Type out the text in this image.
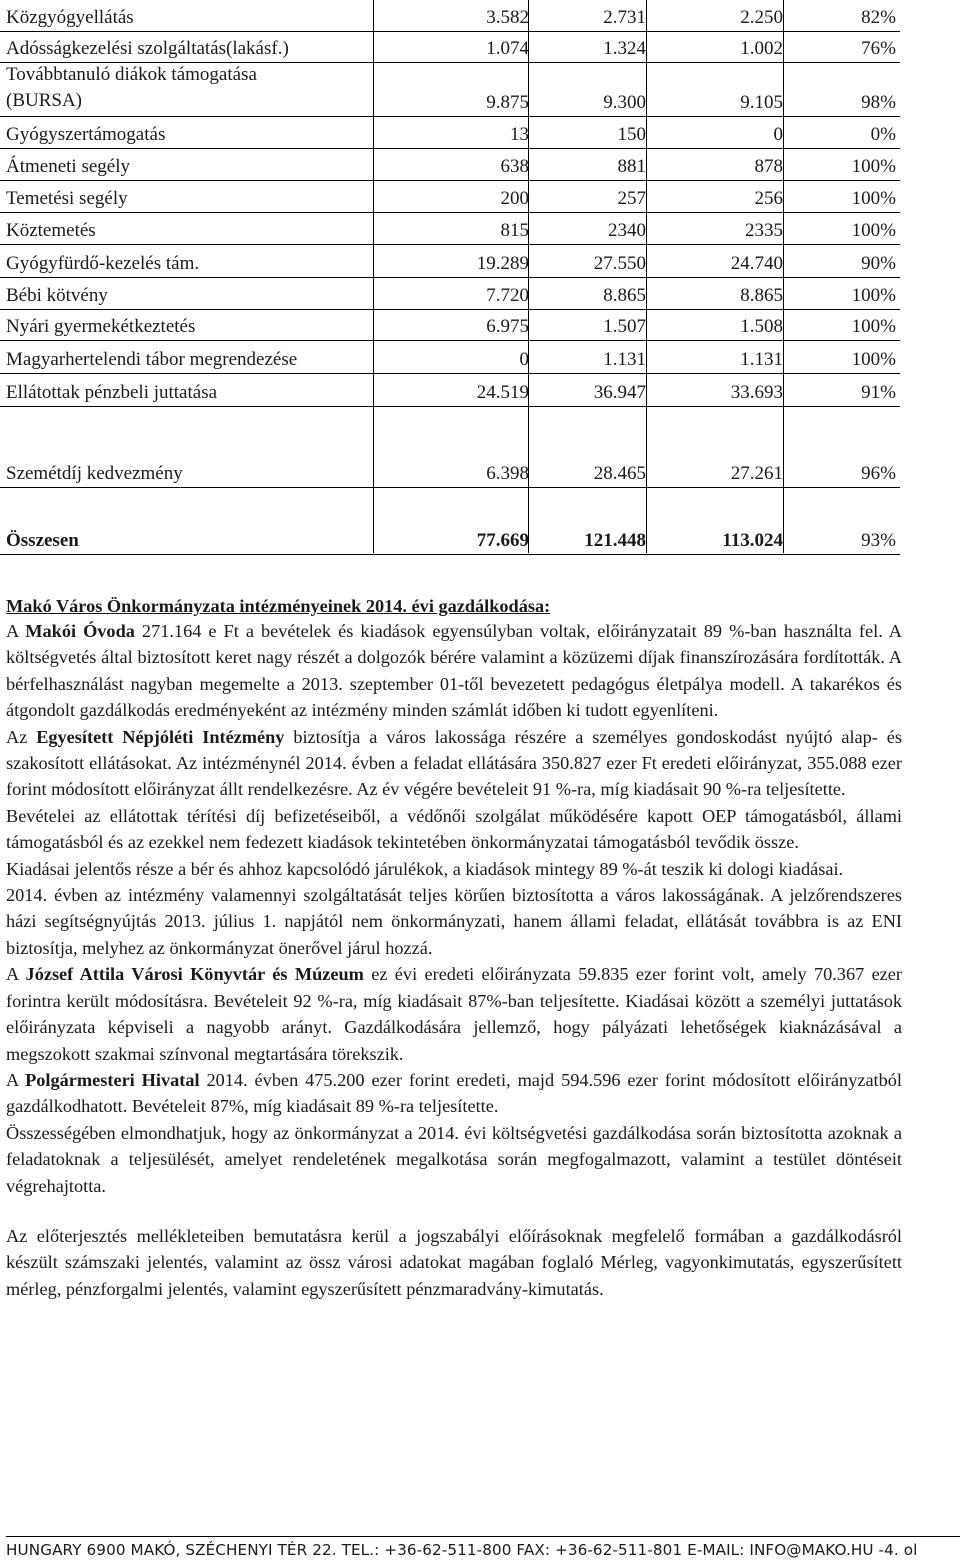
Közgyógyellátás	3.582	2.731	2.250	82%
Adósságkezelési szolgáltatás(lakásf.)	1.074	1.324	1.002	76%
Továbbtanuló diákok támogatása
(BURSA)	9.875	9.300	9.105	98%
Gyógyszertámogatás	13	150	0	0%
Átmeneti segély	638	881	878	100%
Temetési segély	200	257	256	100%
Köztemetés	815	2340	2335	100%
Gyógyfürdő-kezelés tám.	19.289	27.550	24.740	90%
Bébi kötvény	7.720	8.865	8.865	100%
Nyári gyermekétkeztetés	6.975	1.507	1.508	100%
Magyarhertelendi tábor megrendezése	0	1.131	1.131	100%
Ellátottak pénzbeli juttatása	24.519	36.947	33.693	91%
Szemétdíj kedvezmény	6.398	28.465	27.261	96%
Összesen	77.669	121.448	113.024	93%
Makó Város Önkormányzata intézményeinek 2014. évi gazdálkodása:

A Makói Óvoda 271.164 e Ft a bevételek és kiadások egyensúlyban voltak, előirányzatait 89 %-ban használta fel. A költségvetés által biztosított keret nagy részét a dolgozók bérére valamint a közüzemi díjak finanszírozására fordították. A bérfelhasználást nagyban megemelte a 2013. szeptember 01-től bevezetett pedagógus életpálya modell. A takarékos és átgondolt gazdálkodás eredményeként az intézmény minden számlát időben ki tudott egyenlíteni.

Az Egyesített Népjóléti Intézmény biztosítja a város lakossága részére a személyes gondoskodást nyújtó alap- és szakosított ellátásokat. Az intézménynél 2014. évben a feladat ellátására 350.827 ezer Ft eredeti előirányzat, 355.088 ezer forint módosított előirányzat állt rendelkezésre. Az év végére bevételeit 91 %-ra, míg kiadásait 90 %-ra teljesítette.

Bevételei az ellátottak térítési díj befizetéseiből, a védőnői szolgálat működésére kapott OEP támogatásból, állami támogatásból és az ezekkel nem fedezett kiadások tekintetében önkormányzatai támogatásból tevődik össze.

Kiadásai jelentős része a bér és ahhoz kapcsolódó járulékok, a kiadások mintegy 89 %-át teszik ki dologi kiadásai.

2014. évben az intézmény valamennyi szolgáltatását teljes körűen biztosította a város lakosságának. A jelzőrendszeres házi segítségnyújtás 2013. július 1. napjától nem önkormányzati, hanem állami feladat, ellátását továbbra is az ENI biztosítja, melyhez az önkormányzat önerővel járul hozzá.

A József Attila Városi Könyvtár és Múzeum ez évi eredeti előirányzata 59.835 ezer forint volt, amely 70.367 ezer forintra került módosításra. Bevételeit 92 %-ra, míg kiadásait 87%-ban teljesítette. Kiadásai között a személyi juttatások előirányzata képviseli a nagyobb arányt. Gazdálkodására jellemző, hogy pályázati lehetőségek kiaknázásával a megszokott szakmai színvonal megtartására törekszik.

A Polgármesteri Hivatal 2014. évben 475.200 ezer forint eredeti, majd 594.596 ezer forint módosított előirányzatból gazdálkodhatott. Bevételeit 87%, míg kiadásait 89 %-ra teljesítette.

Összességében elmondhatjuk, hogy az önkormányzat a 2014. évi költségvetési gazdálkodása során biztosította azoknak a feladatoknak a teljesülését, amelyet rendeletének megalkotása során megfogalmazott, valamint a testület döntéseit végrehajtotta.

Az előterjesztés mellékleteiben bemutatásra kerül a jogszabályi előírásoknak megfelelő formában a gazdálkodásról készült számszaki jelentés, valamint az össz városi adatokat magában foglaló Mérleg, vagyonkimutatás, egyszerűsített mérleg, pénzforgalmi jelentés, valamint egyszerűsített pénzmaradvány-kimutatás.

HUNGARY 6900 MAKÓ, SZÉCHENYI TÉR 22. TEL.: +36-62-511-800 FAX: +36-62-511-801 E-MAIL: INFO@MAKO.HU -4. ol
